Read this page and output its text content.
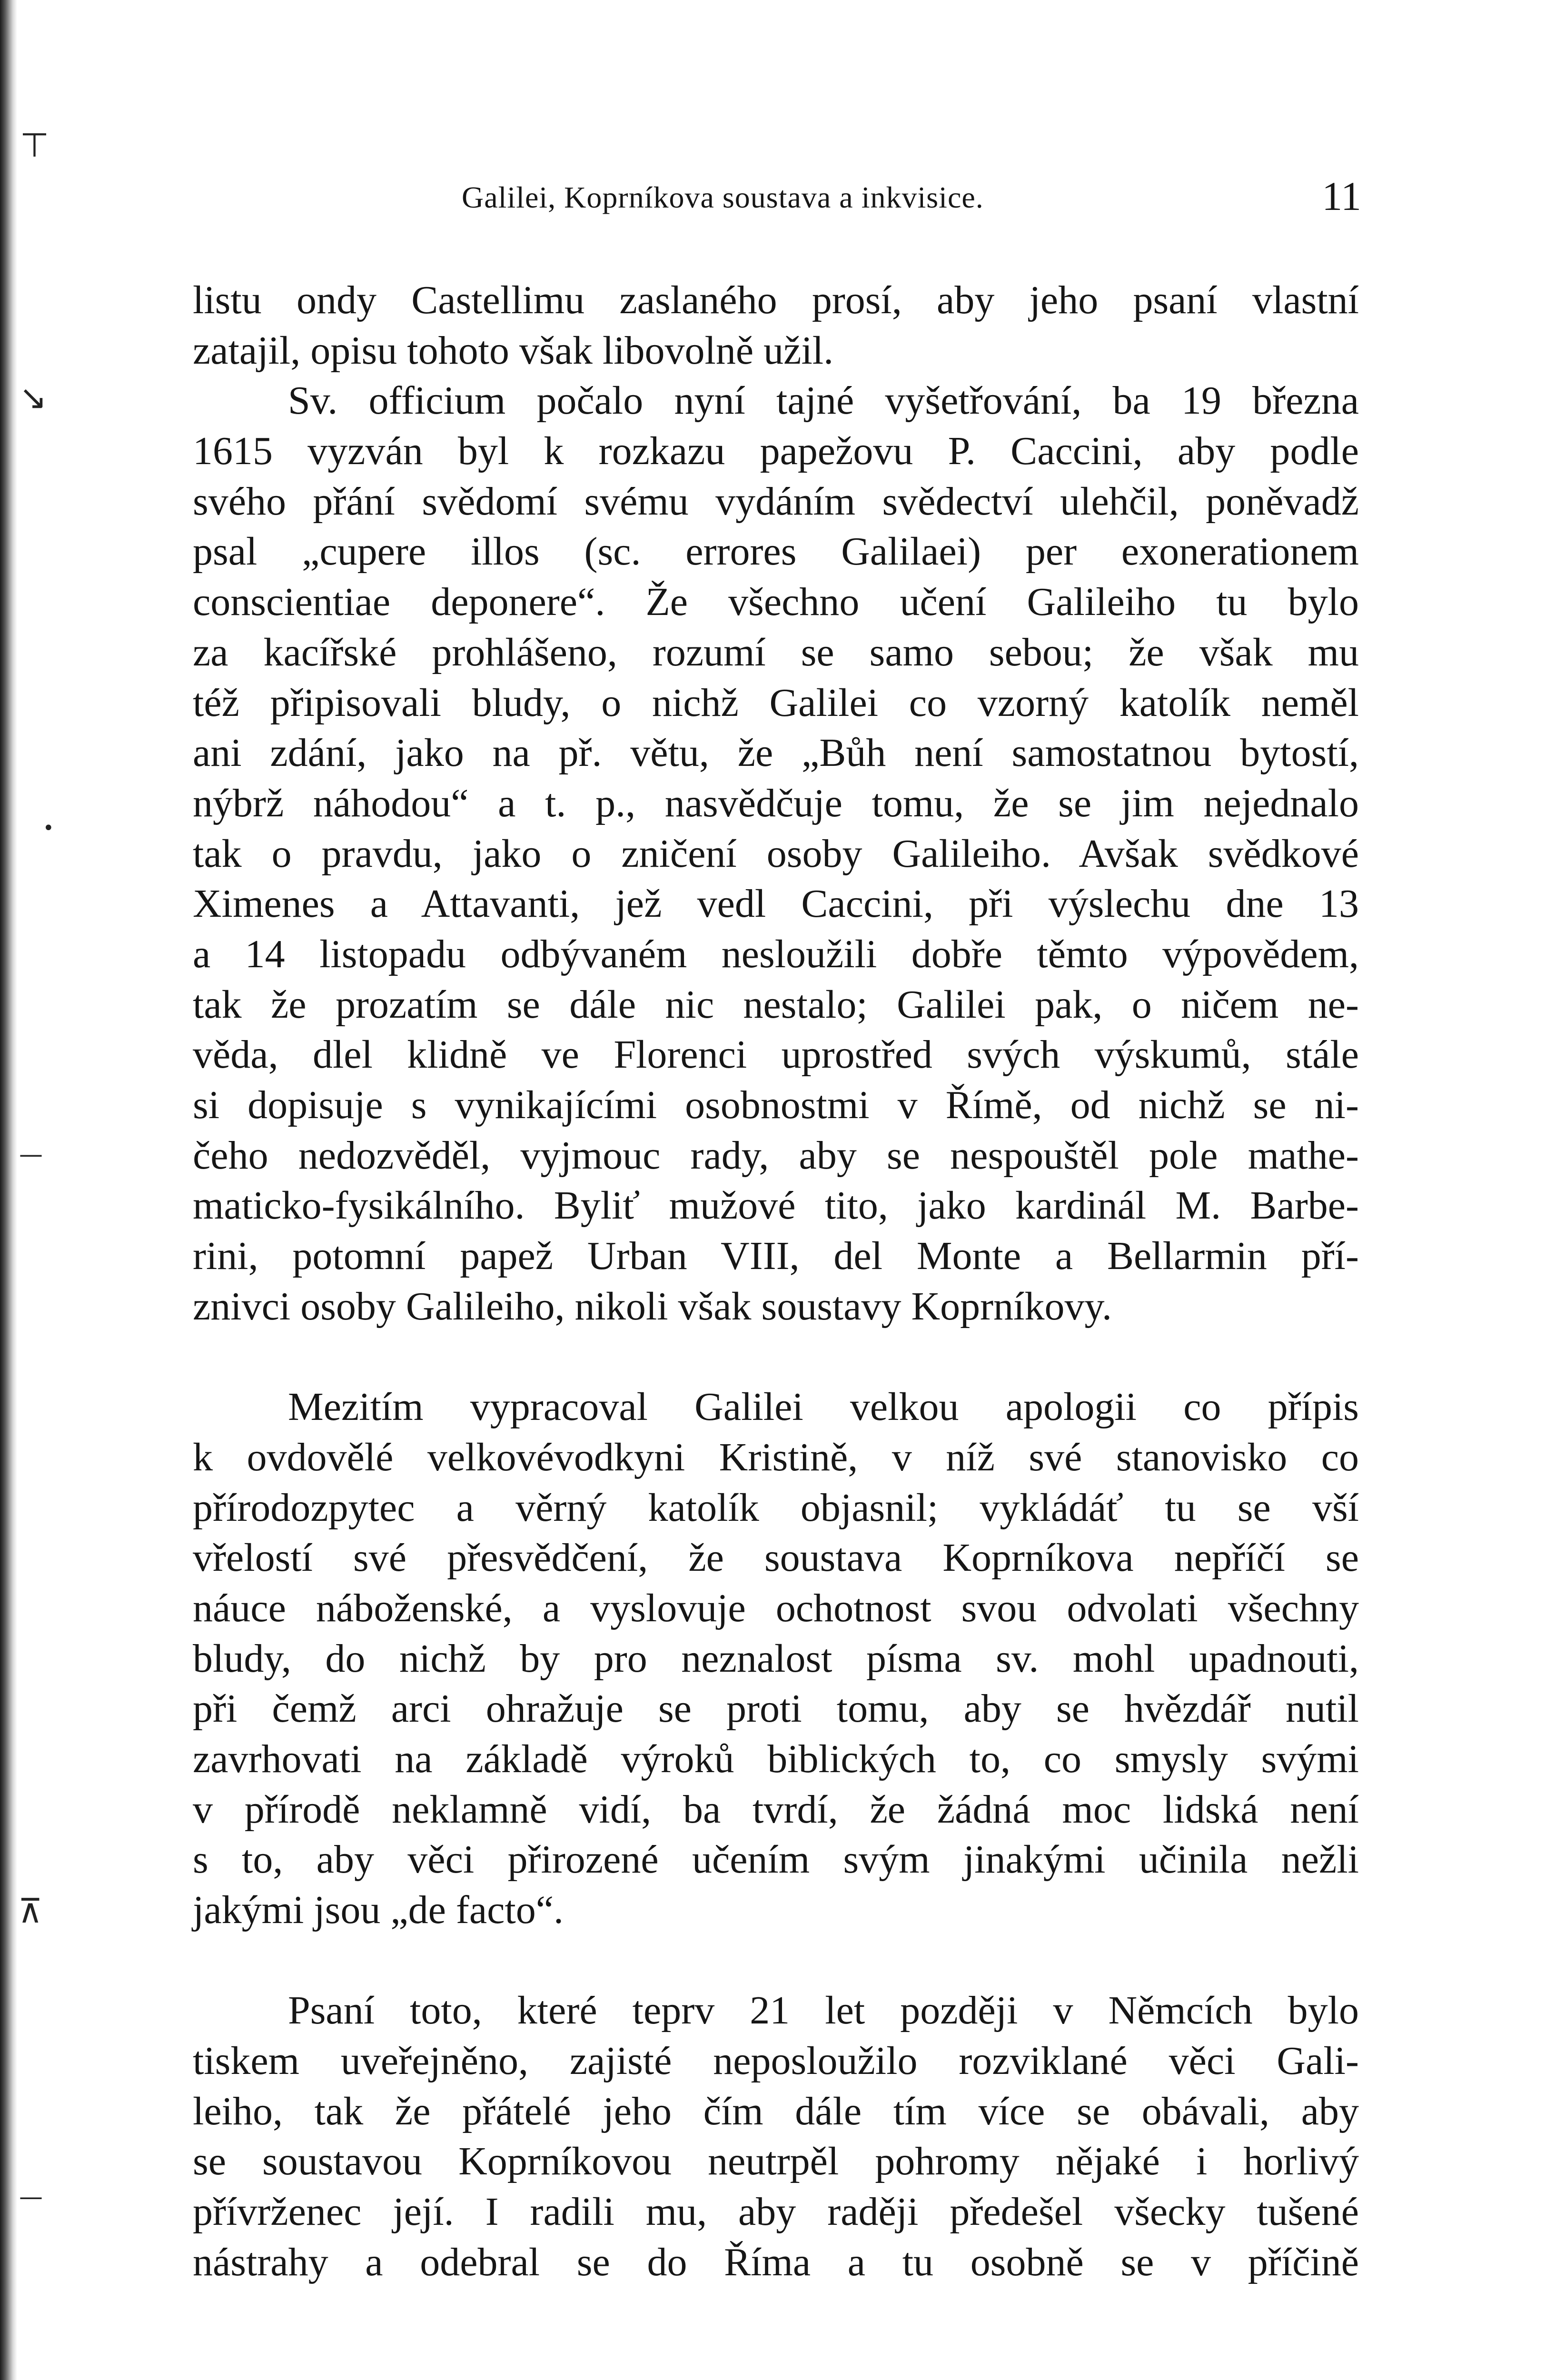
⊤
↘
•
—
⊼
—
Galilei, Koprníkova soustava a inkvisice.	11
listu ondy Castellimu zaslaného prosí, aby jeho psaní vlastní
zatajil, opisu tohoto však libovolně užil.
Sv. officium počalo nyní tajné vyšetřování, ba 19 března
1615 vyzván byl k rozkazu papežovu P. Caccini, aby podle
svého přání svědomí svému vydáním svědectví ulehčil, poněvadž
psal „cupere illos (sc. errores Galilaei) per exonerationem
conscientiae deponere“. Že všechno učení Galileiho tu bylo
za kacířské prohlášeno, rozumí se samo sebou; že však mu
též připisovali bludy, o nichž Galilei co vzorný katolík neměl
ani zdání, jako na př. větu, že „Bůh není samostatnou bytostí,
nýbrž náhodou“ a t. p., nasvědčuje tomu, že se jim nejednalo
tak o pravdu, jako o zničení osoby Galileiho. Avšak svědkové
Ximenes a Attavanti, jež vedl Caccini, při výslechu dne 13
a 14 listopadu odbývaném nesloužili dobře těmto výpovědem,
tak že prozatím se dále nic nestalo; Galilei pak, o ničem ne-
věda, dlel klidně ve Florenci uprostřed svých výskumů, stále
si dopisuje s vynikajícími osobnostmi v Římě, od nichž se ni-
čeho nedozvěděl, vyjmouc rady, aby se nespouštěl pole mathe-
maticko-fysikálního. Byliť mužové tito, jako kardinál M. Barbe-
rini, potomní papež Urban VIII, del Monte a Bellarmin pří-
znivci osoby Galileiho, nikoli však soustavy Koprníkovy.
Mezitím vypracoval Galilei velkou apologii co přípis
k ovdovělé velkovévodkyni Kristině, v níž své stanovisko co
přírodozpytec a věrný katolík objasnil; vykládáť tu se vší
vřelostí své přesvědčení, že soustava Koprníkova nepříčí se
náuce náboženské, a vyslovuje ochotnost svou odvolati všechny
bludy, do nichž by pro neznalost písma sv. mohl upadnouti,
při čemž arci ohražuje se proti tomu, aby se hvězdář nutil
zavrhovati na základě výroků biblických to, co smysly svými
v přírodě neklamně vidí, ba tvrdí, že žádná moc lidská není
s to, aby věci přirozené učením svým jinakými učinila nežli
jakými jsou „de facto“.
Psaní toto, které teprv 21 let později v Němcích bylo
tiskem uveřejněno, zajisté neposloužilo rozviklané věci Gali-
leiho, tak že přátelé jeho čím dále tím více se obávali, aby
se soustavou Koprníkovou neutrpěl pohromy nějaké i horlivý
přívrženec její. I radili mu, aby raději předešel všecky tušené
nástrahy a odebral se do Říma a tu osobně se v příčině
